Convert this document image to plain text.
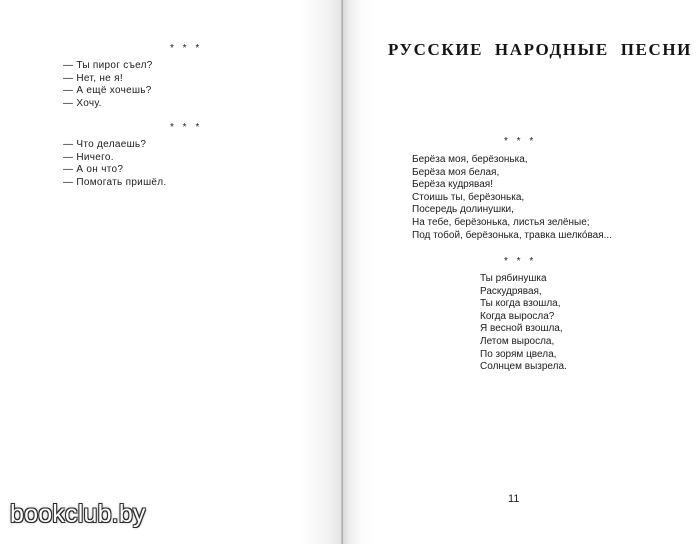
* * *
— Ты пирог съел?
— Нет, не я!
— А ещё хочешь?
— Хочу.
* * *
— Что делаешь?
— Ничего.
— А он что?
— Помогать пришёл.
РУССКИЕ НАРОДНЫЕ ПЕСНИ
* * *
Берёза моя, берёзонька,
Берёза моя белая,
Берёза кудрявая!
Стоишь ты, берёзонька,
Посередь долинушки,
На тебе, берёзонька, листья зелёные;
Под тобой, берёзонька, травка шелко́вая...
* * *
Ты рябинушка
Раскудрявая,
Ты когда взошла,
Когда выросла?
Я весной взошла,
Летом выросла,
По зорям цвела,
Солнцем вызрела.
11
bookclub.by
